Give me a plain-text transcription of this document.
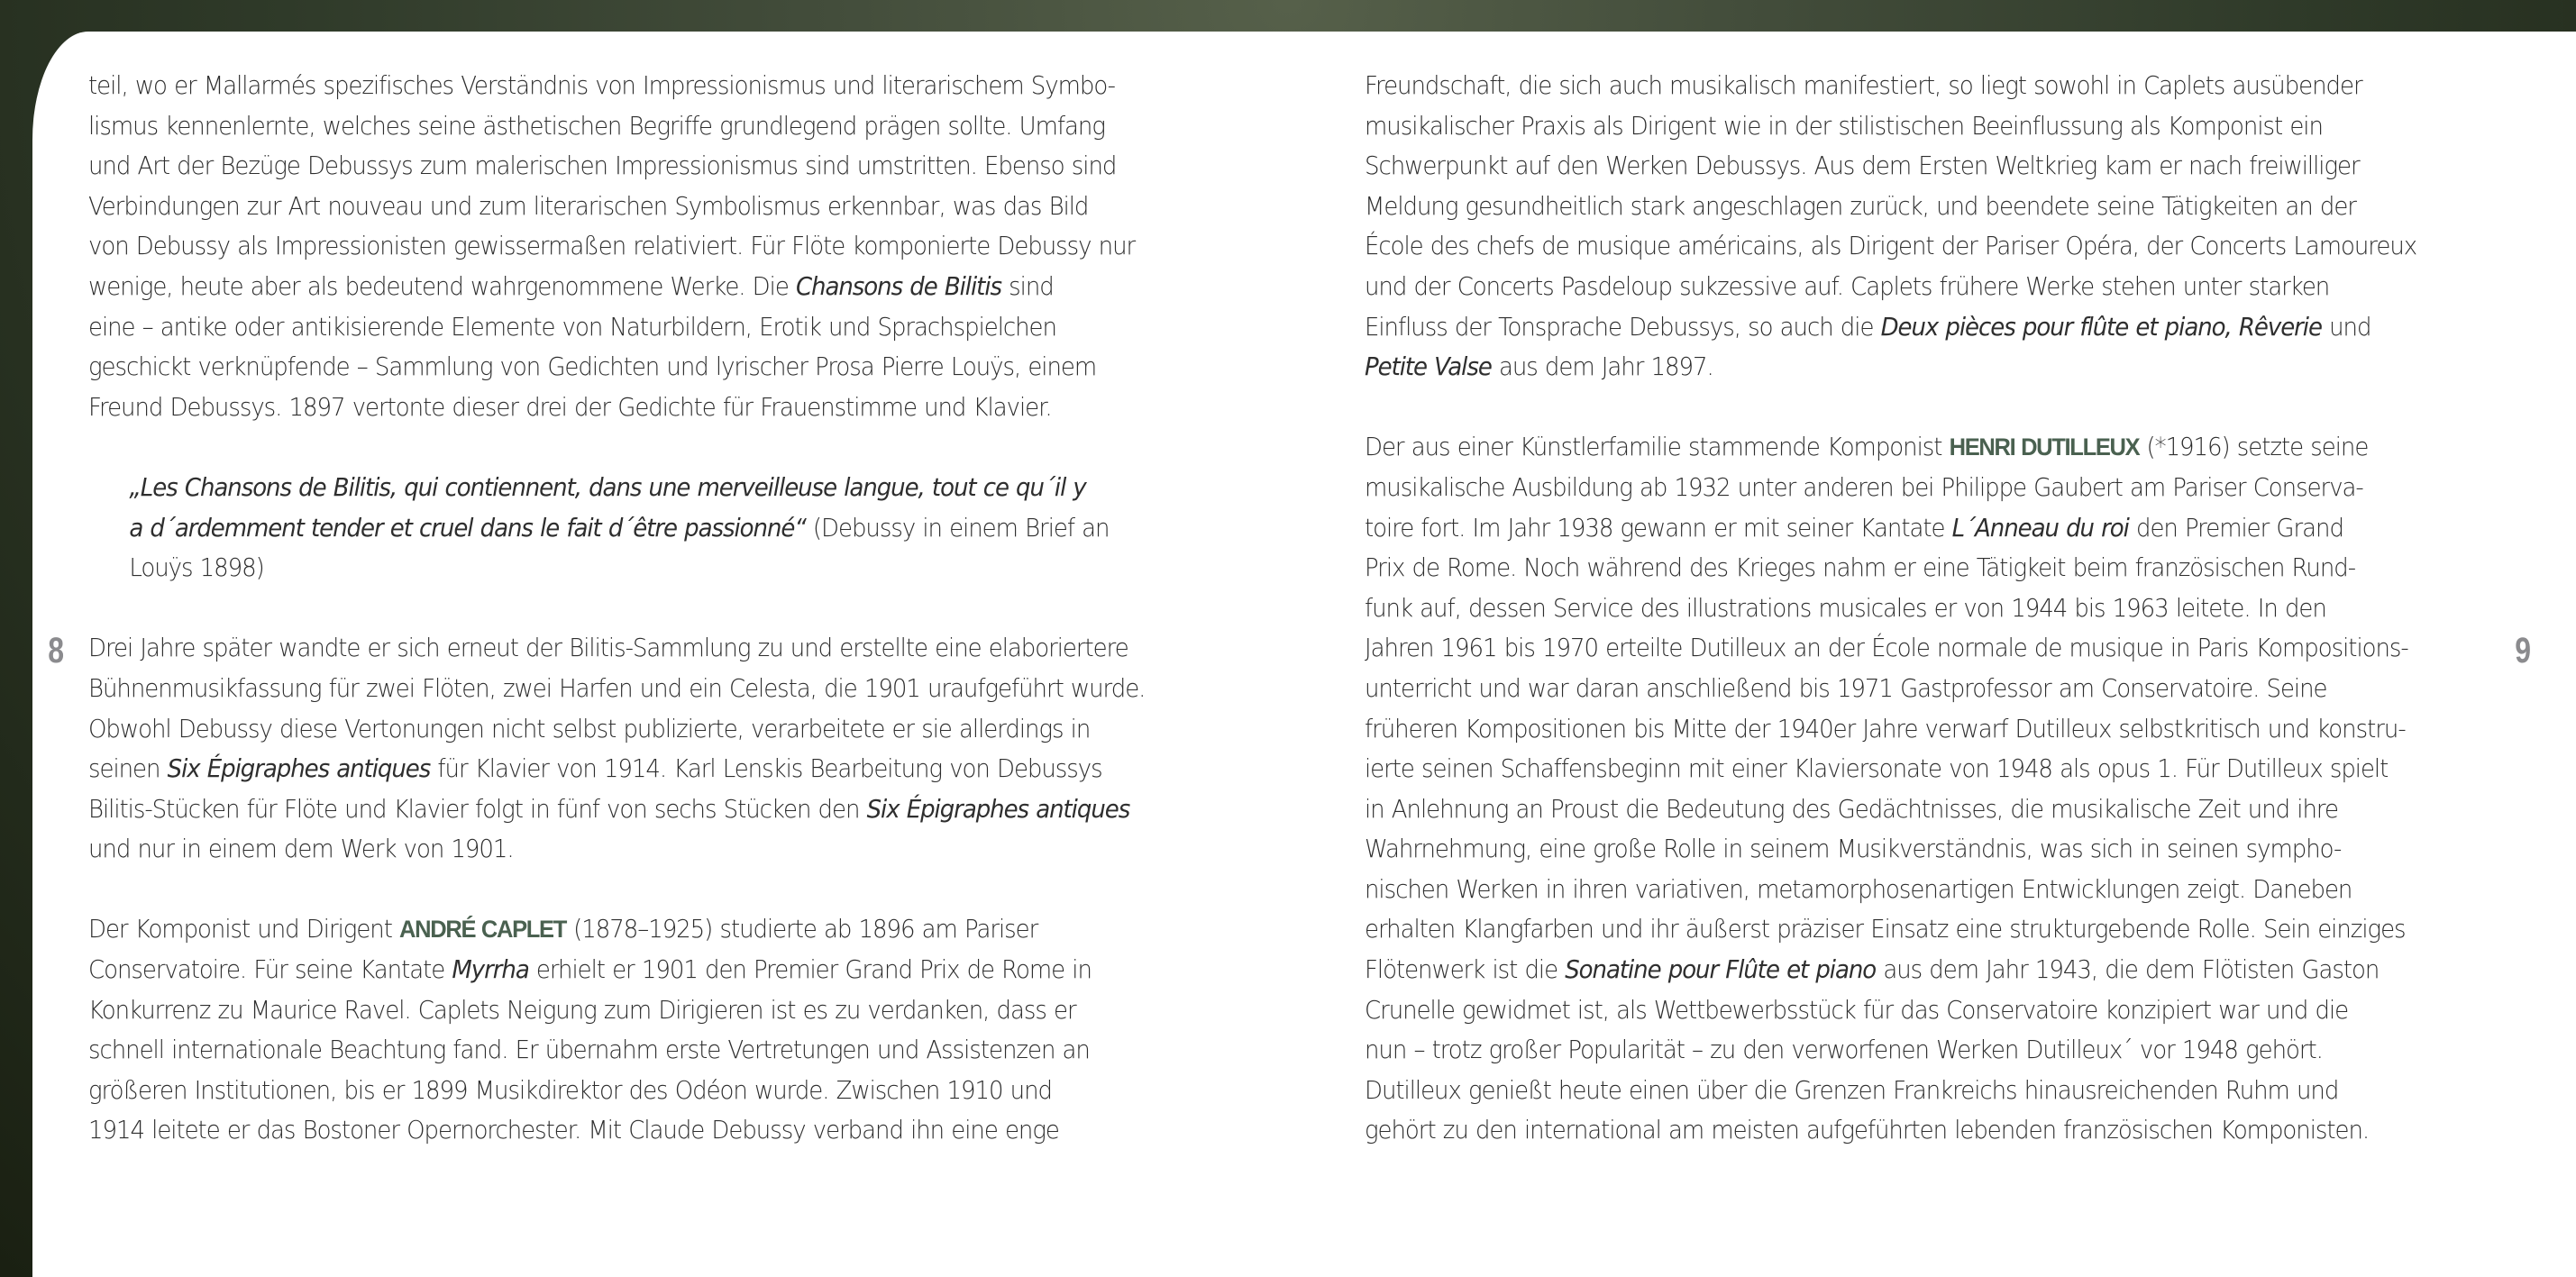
8	9
teil, wo er Mallarmés spezifisches Verständnis von Impressionismus und literarischem Symbo-
lismus kennenlernte, welches seine ästhetischen Begriffe grundlegend prägen sollte. Umfang
und Art der Bezüge Debussys zum malerischen Impressionismus sind umstritten. Ebenso sind
Verbindungen zur Art nouveau und zum literarischen Symbolismus erkennbar, was das Bild
von Debussy als Impressionisten gewissermaßen relativiert. Für Flöte komponierte Debussy nur
wenige, heute aber als bedeutend wahrgenommene Werke. Die Chansons de Bilitis sind
eine – antike oder antikisierende Elemente von Naturbildern, Erotik und Sprachspielchen
geschickt verknüpfende – Sammlung von Gedichten und lyrischer Prosa Pierre Louÿs, einem
Freund Debussys. 1897 vertonte dieser drei der Gedichte für Frauenstimme und Klavier.
„Les Chansons de Bilitis, qui contiennent, dans une merveilleuse langue, tout ce qu´il y
a d´ardemment tender et cruel dans le fait d´être passionné“ (Debussy in einem Brief an
Louÿs 1898)
Drei Jahre später wandte er sich erneut der Bilitis-Sammlung zu und erstellte eine elaboriertere
Bühnenmusikfassung für zwei Flöten, zwei Harfen und ein Celesta, die 1901 uraufgeführt wurde.
Obwohl Debussy diese Vertonungen nicht selbst publizierte, verarbeitete er sie allerdings in
seinen Six Épigraphes antiques für Klavier von 1914. Karl Lenskis Bearbeitung von Debussys
Bilitis-Stücken für Flöte und Klavier folgt in fünf von sechs Stücken den Six Épigraphes antiques
und nur in einem dem Werk von 1901.
Der Komponist und Dirigent ANDRÉ CAPLET (1878–1925) studierte ab 1896 am Pariser
Conservatoire. Für seine Kantate Myrrha erhielt er 1901 den Premier Grand Prix de Rome in
Konkurrenz zu Maurice Ravel. Caplets Neigung zum Dirigieren ist es zu verdanken, dass er
schnell internationale Beachtung fand. Er übernahm erste Vertretungen und Assistenzen an
größeren Institutionen, bis er 1899 Musikdirektor des Odéon wurde. Zwischen 1910 und
1914 leitete er das Bostoner Opernorchester. Mit Claude Debussy verband ihn eine enge
Freundschaft, die sich auch musikalisch manifestiert, so liegt sowohl in Caplets ausübender
musikalischer Praxis als Dirigent wie in der stilistischen Beeinflussung als Komponist ein
Schwerpunkt auf den Werken Debussys. Aus dem Ersten Weltkrieg kam er nach freiwilliger
Meldung gesundheitlich stark angeschlagen zurück, und beendete seine Tätigkeiten an der
École des chefs de musique américains, als Dirigent der Pariser Opéra, der Concerts Lamoureux
und der Concerts Pasdeloup sukzessive auf. Caplets frühere Werke stehen unter starken
Einfluss der Tonsprache Debussys, so auch die Deux pièces pour flûte et piano, Rêverie und
Petite Valse aus dem Jahr 1897.
Der aus einer Künstlerfamilie stammende Komponist HENRI DUTILLEUX (*1916) setzte seine
musikalische Ausbildung ab 1932 unter anderen bei Philippe Gaubert am Pariser Conserva-
toire fort. Im Jahr 1938 gewann er mit seiner Kantate L´Anneau du roi den Premier Grand
Prix de Rome. Noch während des Krieges nahm er eine Tätigkeit beim französischen Rund-
funk auf, dessen Service des illustrations musicales er von 1944 bis 1963 leitete. In den
Jahren 1961 bis 1970 erteilte Dutilleux an der École normale de musique in Paris Kompositions-
unterricht und war daran anschließend bis 1971 Gastprofessor am Conservatoire. Seine
früheren Kompositionen bis Mitte der 1940er Jahre verwarf Dutilleux selbstkritisch und konstru-
ierte seinen Schaffensbeginn mit einer Klaviersonate von 1948 als opus 1. Für Dutilleux spielt
in Anlehnung an Proust die Bedeutung des Gedächtnisses, die musikalische Zeit und ihre
Wahrnehmung, eine große Rolle in seinem Musikverständnis, was sich in seinen sympho-
nischen Werken in ihren variativen, metamorphosenartigen Entwicklungen zeigt. Daneben
erhalten Klangfarben und ihr äußerst präziser Einsatz eine strukturgebende Rolle. Sein einziges
Flötenwerk ist die Sonatine pour Flûte et piano aus dem Jahr 1943, die dem Flötisten Gaston
Crunelle gewidmet ist, als Wettbewerbsstück für das Conservatoire konzipiert war und die
nun – trotz großer Popularität – zu den verworfenen Werken Dutilleux´ vor 1948 gehört.
Dutilleux genießt heute einen über die Grenzen Frankreichs hinausreichenden Ruhm und
gehört zu den international am meisten aufgeführten lebenden französischen Komponisten.
